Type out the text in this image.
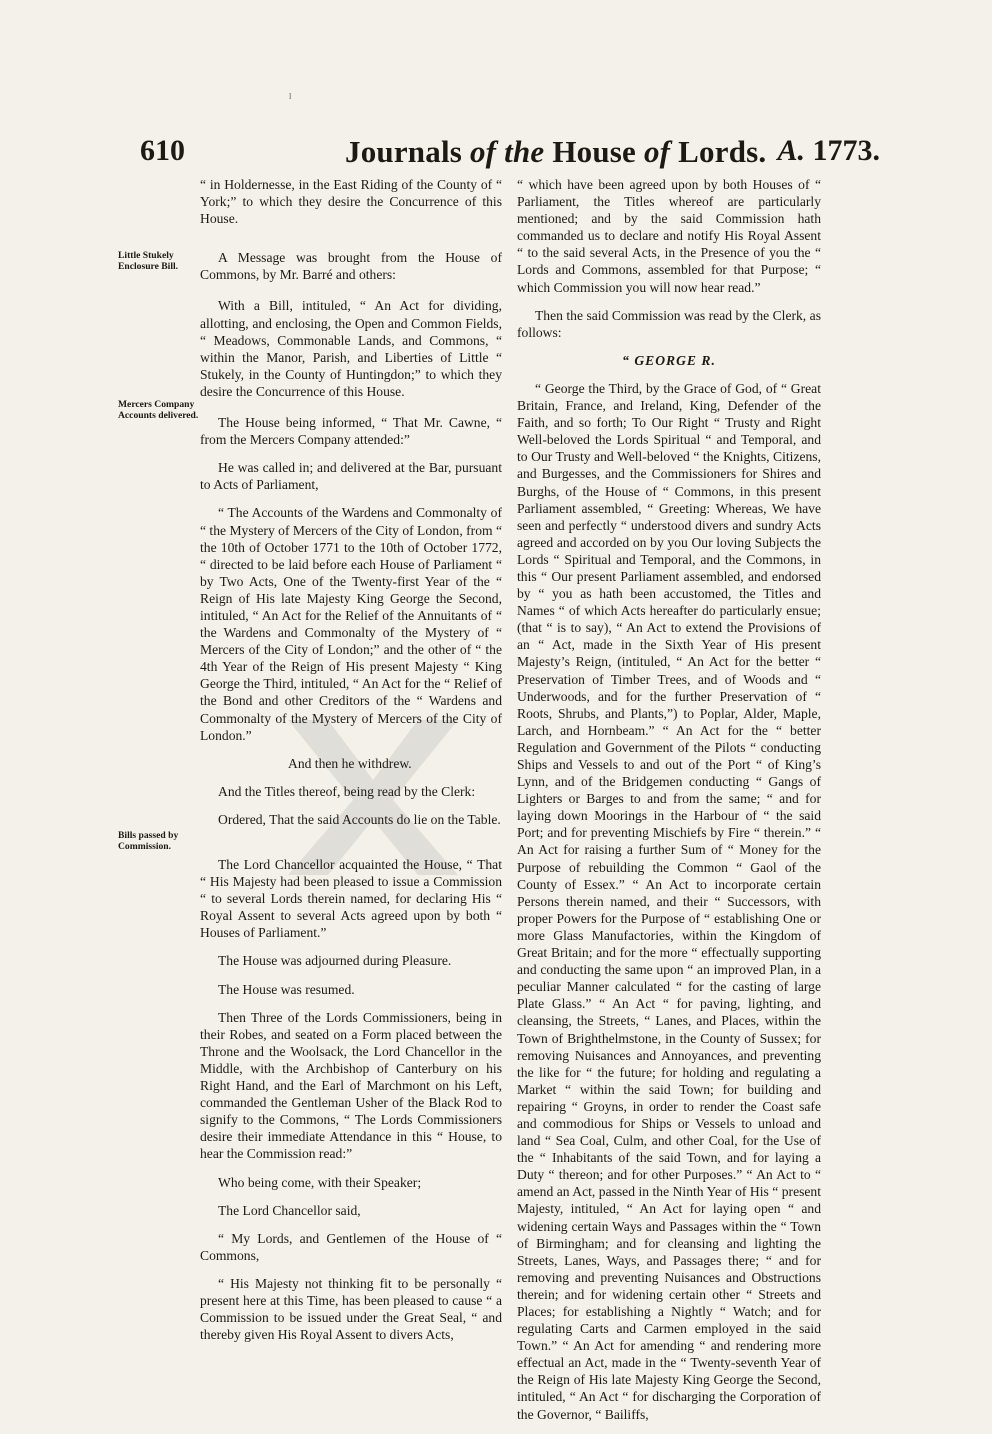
ˡ
610	Journals of the House of Lords. A. 1773.
Little Stukely Enclosure Bill.
Mercers Company Accounts delivered.
Bills passed by Commission.

“ in Holdernesse, in the East Riding of the County of “ York;” to which they desire the Concurrence of this House.

A Message was brought from the House of Commons, by Mr. Barré and others:

With a Bill, intituled, “ An Act for dividing, allotting, and enclosing, the Open and Common Fields, “ Meadows, Commonable Lands, and Commons, “ within the Manor, Parish, and Liberties of Little “ Stukely, in the County of Huntingdon;” to which they desire the Concurrence of this House.

The House being informed, “ That Mr. Cawne, “ from the Mercers Company attended:”

He was called in; and delivered at the Bar, pursuant to Acts of Parliament,

“ The Accounts of the Wardens and Commonalty of “ the Mystery of Mercers of the City of London, from “ the 10th of October 1771 to the 10th of October 1772, “ directed to be laid before each House of Parliament “ by Two Acts, One of the Twenty-first Year of the “ Reign of His late Majesty King George the Second, intituled, “ An Act for the Relief of the Annuitants of “ the Wardens and Commonalty of the Mystery of “ Mercers of the City of London;” and the other of “ the 4th Year of the Reign of His present Majesty “ King George the Third, intituled, “ An Act for the “ Relief of the Bond and other Creditors of the “ Wardens and Commonalty of the Mystery of Mercers of the City of London.”

And then he withdrew.

And the Titles thereof, being read by the Clerk:

Ordered, That the said Accounts do lie on the Table.

The Lord Chancellor acquainted the House, “ That “ His Majesty had been pleased to issue a Commission “ to several Lords therein named, for declaring His “ Royal Assent to several Acts agreed upon by both “ Houses of Parliament.”

The House was adjourned during Pleasure.

The House was resumed.

Then Three of the Lords Commissioners, being in their Robes, and seated on a Form placed between the Throne and the Woolsack, the Lord Chancellor in the Middle, with the Archbishop of Canterbury on his Right Hand, and the Earl of Marchmont on his Left, commanded the Gentleman Usher of the Black Rod to signify to the Commons, “ The Lords Commissioners desire their immediate Attendance in this “ House, to hear the Commission read:”

Who being come, with their Speaker;

The Lord Chancellor said,

“ My Lords, and Gentlemen of the House of “ Commons,

“ His Majesty not thinking fit to be personally “ present here at this Time, has been pleased to cause “ a Commission to be issued under the Great Seal, “ and thereby given His Royal Assent to divers Acts,

“ which have been agreed upon by both Houses of “ Parliament, the Titles whereof are particularly mentioned; and by the said Commission hath commanded us to declare and notify His Royal Assent “ to the said several Acts, in the Presence of you the “ Lords and Commons, assembled for that Purpose; “ which Commission you will now hear read.”

Then the said Commission was read by the Clerk, as follows:

“ GEORGE R.

“ George the Third, by the Grace of God, of “ Great Britain, France, and Ireland, King, Defender of the Faith, and so forth; To Our Right “ Trusty and Right Well-beloved the Lords Spiritual “ and Temporal, and to Our Trusty and Well-beloved “ the Knights, Citizens, and Burgesses, and the Commissioners for Shires and Burghs, of the House of “ Commons, in this present Parliament assembled, “ Greeting: Whereas, We have seen and perfectly “ understood divers and sundry Acts agreed and accorded on by you Our loving Subjects the Lords “ Spiritual and Temporal, and the Commons, in this “ Our present Parliament assembled, and endorsed by “ you as hath been accustomed, the Titles and Names “ of which Acts hereafter do particularly ensue; (that “ is to say), “ An Act to extend the Provisions of an “ Act, made in the Sixth Year of His present Majesty’s Reign, (intituled, “ An Act for the better “ Preservation of Timber Trees, and of Woods and “ Underwoods, and for the further Preservation of “ Roots, Shrubs, and Plants,”) to Poplar, Alder, Maple, Larch, and Hornbeam.” “ An Act for the “ better Regulation and Government of the Pilots “ conducting Ships and Vessels to and out of the Port “ of King’s Lynn, and of the Bridgemen conducting “ Gangs of Lighters or Barges to and from the same; “ and for laying down Moorings in the Harbour of “ the said Port; and for preventing Mischiefs by Fire “ therein.” “ An Act for raising a further Sum of “ Money for the Purpose of rebuilding the Common “ Gaol of the County of Essex.” “ An Act to incorporate certain Persons therein named, and their “ Successors, with proper Powers for the Purpose of “ establishing One or more Glass Manufactories, within the Kingdom of Great Britain; and for the more “ effectually supporting and conducting the same upon “ an improved Plan, in a peculiar Manner calculated “ for the casting of large Plate Glass.” “ An Act “ for paving, lighting, and cleansing, the Streets, “ Lanes, and Places, within the Town of Brighthelmstone, in the County of Sussex; for removing Nuisances and Annoyances, and preventing the like for “ the future; for holding and regulating a Market “ within the said Town; for building and repairing “ Groyns, in order to render the Coast safe and commodious for Ships or Vessels to unload and land “ Sea Coal, Culm, and other Coal, for the Use of the “ Inhabitants of the said Town, and for laying a Duty “ thereon; and for other Purposes.” “ An Act to “ amend an Act, passed in the Ninth Year of His “ present Majesty, intituled, “ An Act for laying open “ and widening certain Ways and Passages within the “ Town of Birmingham; and for cleansing and lighting the Streets, Lanes, Ways, and Passages there; “ and for removing and preventing Nuisances and Obstructions therein; and for widening certain other “ Streets and Places; for establishing a Nightly “ Watch; and for regulating Carts and Carmen employed in the said Town.” “ An Act for amending “ and rendering more effectual an Act, made in the “ Twenty-seventh Year of the Reign of His late Majesty King George the Second, intituled, “ An Act “ for discharging the Corporation of the Governor, “ Bailiffs,
